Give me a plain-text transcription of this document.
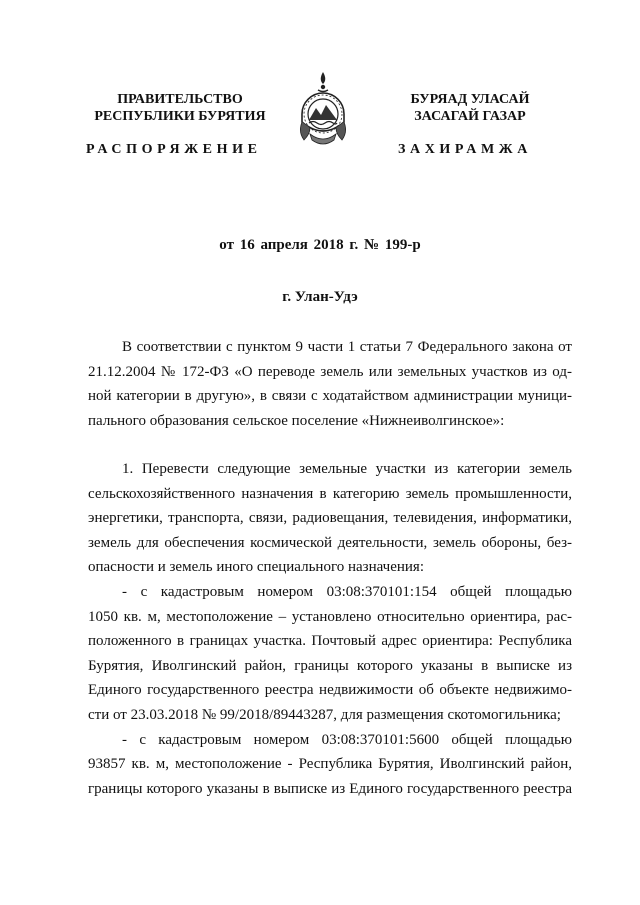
ПРАВИТЕЛЬСТВО
РЕСПУБЛИКИ БУРЯТИЯ
БУРЯАД УЛАСАЙ
ЗАСАГАЙ ГАЗАР
РАСПОРЯЖЕНИЕ	ЗАХИРАМЖА
от 16 апреля 2018 г. № 199-р
г. Улан-Удэ
В соответствии с пунктом 9 части 1 статьи 7 Федерального закона от
21.12.2004 № 172-ФЗ «О переводе земель или земельных участков из од-
ной категории в другую», в связи с ходатайством администрации муници-
пального образования сельское поселение «Нижнеиволгинское»:
1. Перевести следующие земельные участки из категории земель
сельскохозяйственного назначения в категорию земель промышленности,
энергетики, транспорта, связи, радиовещания, телевидения, информатики,
земель для обеспечения космической деятельности, земель обороны, без-
опасности и земель иного специального назначения:
- с кадастровым номером 03:08:370101:154 общей площадью
1050 кв. м, местоположение – установлено относительно ориентира, рас-
положенного в границах участка. Почтовый адрес ориентира: Республика
Бурятия, Иволгинский район, границы которого указаны в выписке из
Единого государственного реестра недвижимости об объекте недвижимо-
сти от 23.03.2018 № 99/2018/89443287, для размещения скотомогильника;
- с кадастровым номером 03:08:370101:5600 общей площадью
93857 кв. м, местоположение - Республика Бурятия, Иволгинский район,
границы которого указаны в выписке из Единого государственного реестра
